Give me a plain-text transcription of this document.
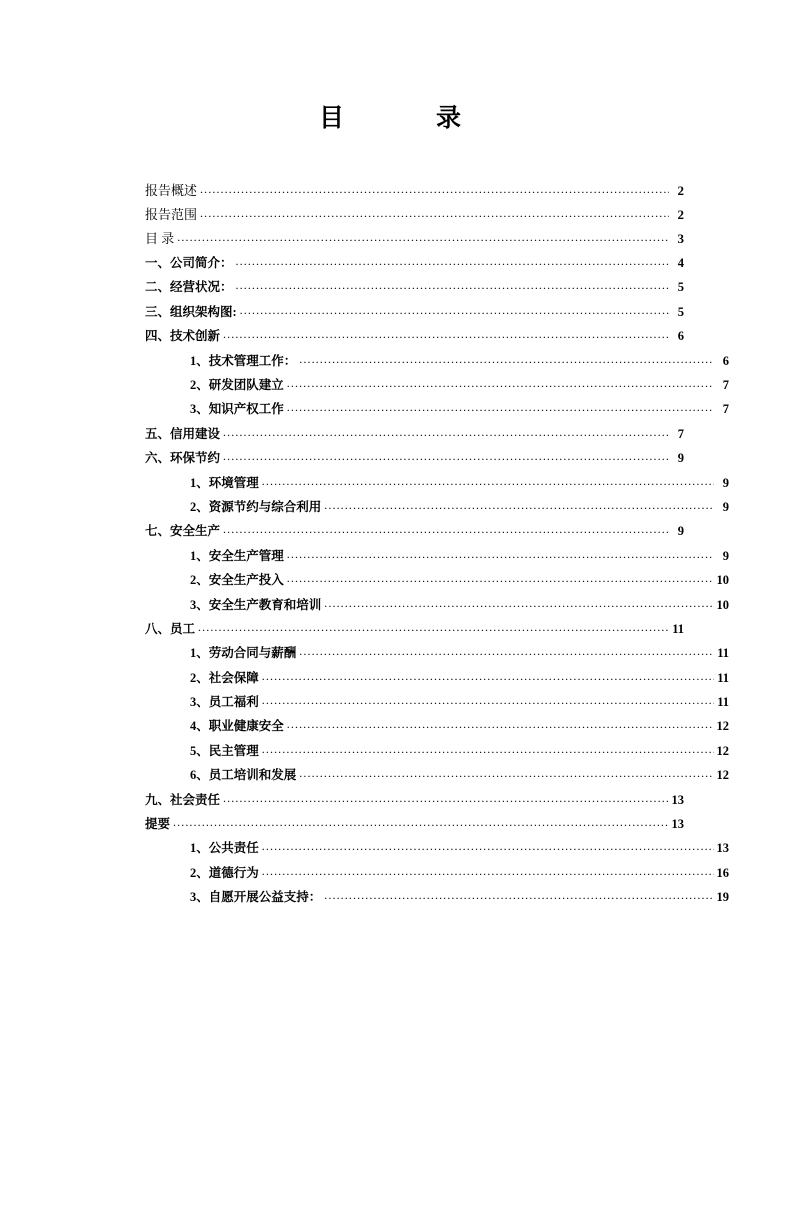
目　　录
报告概述 .....	2
报告范围 .....	2
目 录 .....	3
一、公司简介： .....	4
二、经营状况： .....	5
三、组织架构图: .....	5
四、技术创新 .....	6
1、技术管理工作： .....	6
2、研发团队建立 .....	7
3、知识产权工作 .....	7
五、信用建设 .....	7
六、环保节约 .....	9
1、环境管理 .....	9
2、资源节约与综合利用 .....	9
七、安全生产 .....	9
1、安全生产管理 .....	9
2、安全生产投入 .....	10
3、安全生产教育和培训 .....	10
八、员工 .....	11
1、劳动合同与薪酬 .....	11
2、社会保障 .....	11
3、员工福利 .....	11
4、职业健康安全 .....	12
5、民主管理 .....	12
6、员工培训和发展 .....	12
九、社会责任 .....	13
提要 .....	13
1、公共责任 .....	13
2、道德行为 .....	16
3、自愿开展公益支持： .....	19
